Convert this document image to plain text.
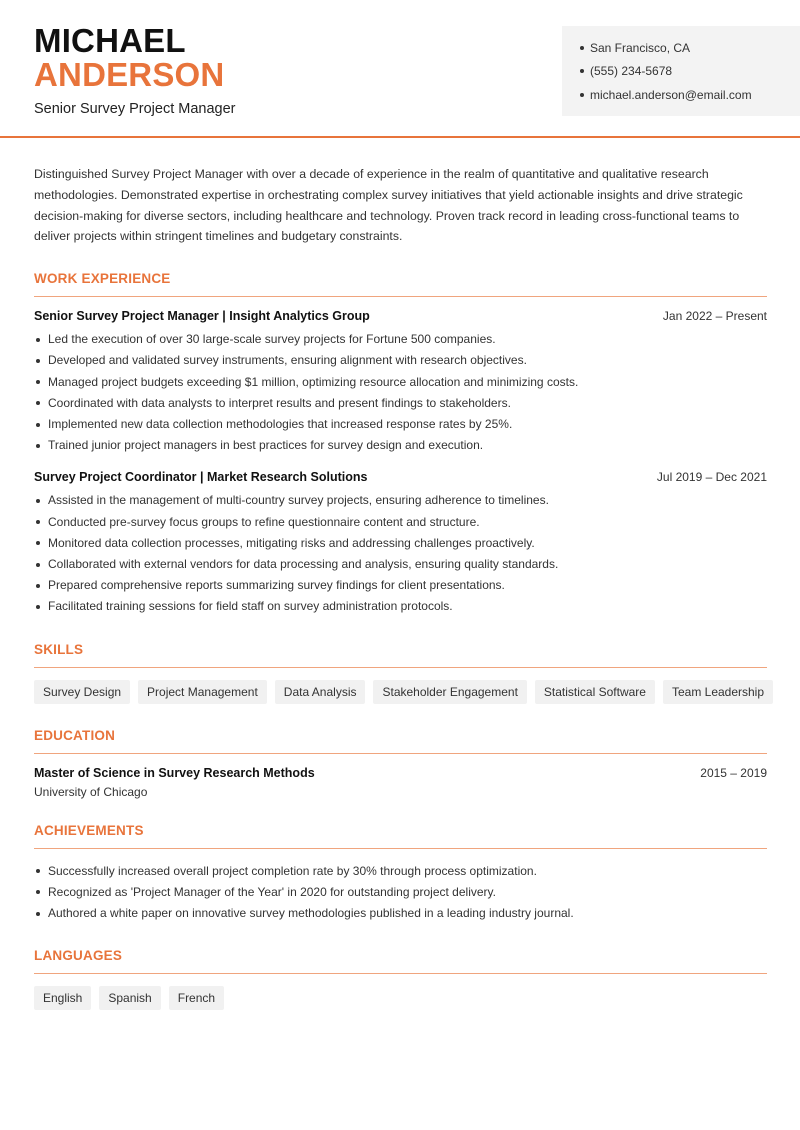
MICHAEL
ANDERSON
Senior Survey Project Manager
San Francisco, CA
(555) 234-5678
michael.anderson@email.com

Distinguished Survey Project Manager with over a decade of experience in the realm of quantitative and qualitative research methodologies. Demonstrated expertise in orchestrating complex survey initiatives that yield actionable insights and drive strategic decision-making for diverse sectors, including healthcare and technology. Proven track record in leading cross-functional teams to deliver projects within stringent timelines and budgetary constraints.

WORK EXPERIENCE
Senior Survey Project Manager | Insight Analytics Group	Jan 2022 – Present
Led the execution of over 30 large-scale survey projects for Fortune 500 companies.
Developed and validated survey instruments, ensuring alignment with research objectives.
Managed project budgets exceeding $1 million, optimizing resource allocation and minimizing costs.
Coordinated with data analysts to interpret results and present findings to stakeholders.
Implemented new data collection methodologies that increased response rates by 25%.
Trained junior project managers in best practices for survey design and execution.
Survey Project Coordinator | Market Research Solutions	Jul 2019 – Dec 2021
Assisted in the management of multi-country survey projects, ensuring adherence to timelines.
Conducted pre-survey focus groups to refine questionnaire content and structure.
Monitored data collection processes, mitigating risks and addressing challenges proactively.
Collaborated with external vendors for data processing and analysis, ensuring quality standards.
Prepared comprehensive reports summarizing survey findings for client presentations.
Facilitated training sessions for field staff on survey administration protocols.
SKILLS
Survey Design	Project Management	Data Analysis	Stakeholder Engagement	Statistical Software	Team Leadership
EDUCATION
Master of Science in Survey Research Methods	2015 – 2019
University of Chicago
ACHIEVEMENTS
Successfully increased overall project completion rate by 30% through process optimization.
Recognized as 'Project Manager of the Year' in 2020 for outstanding project delivery.
Authored a white paper on innovative survey methodologies published in a leading industry journal.
LANGUAGES
English	Spanish	French
